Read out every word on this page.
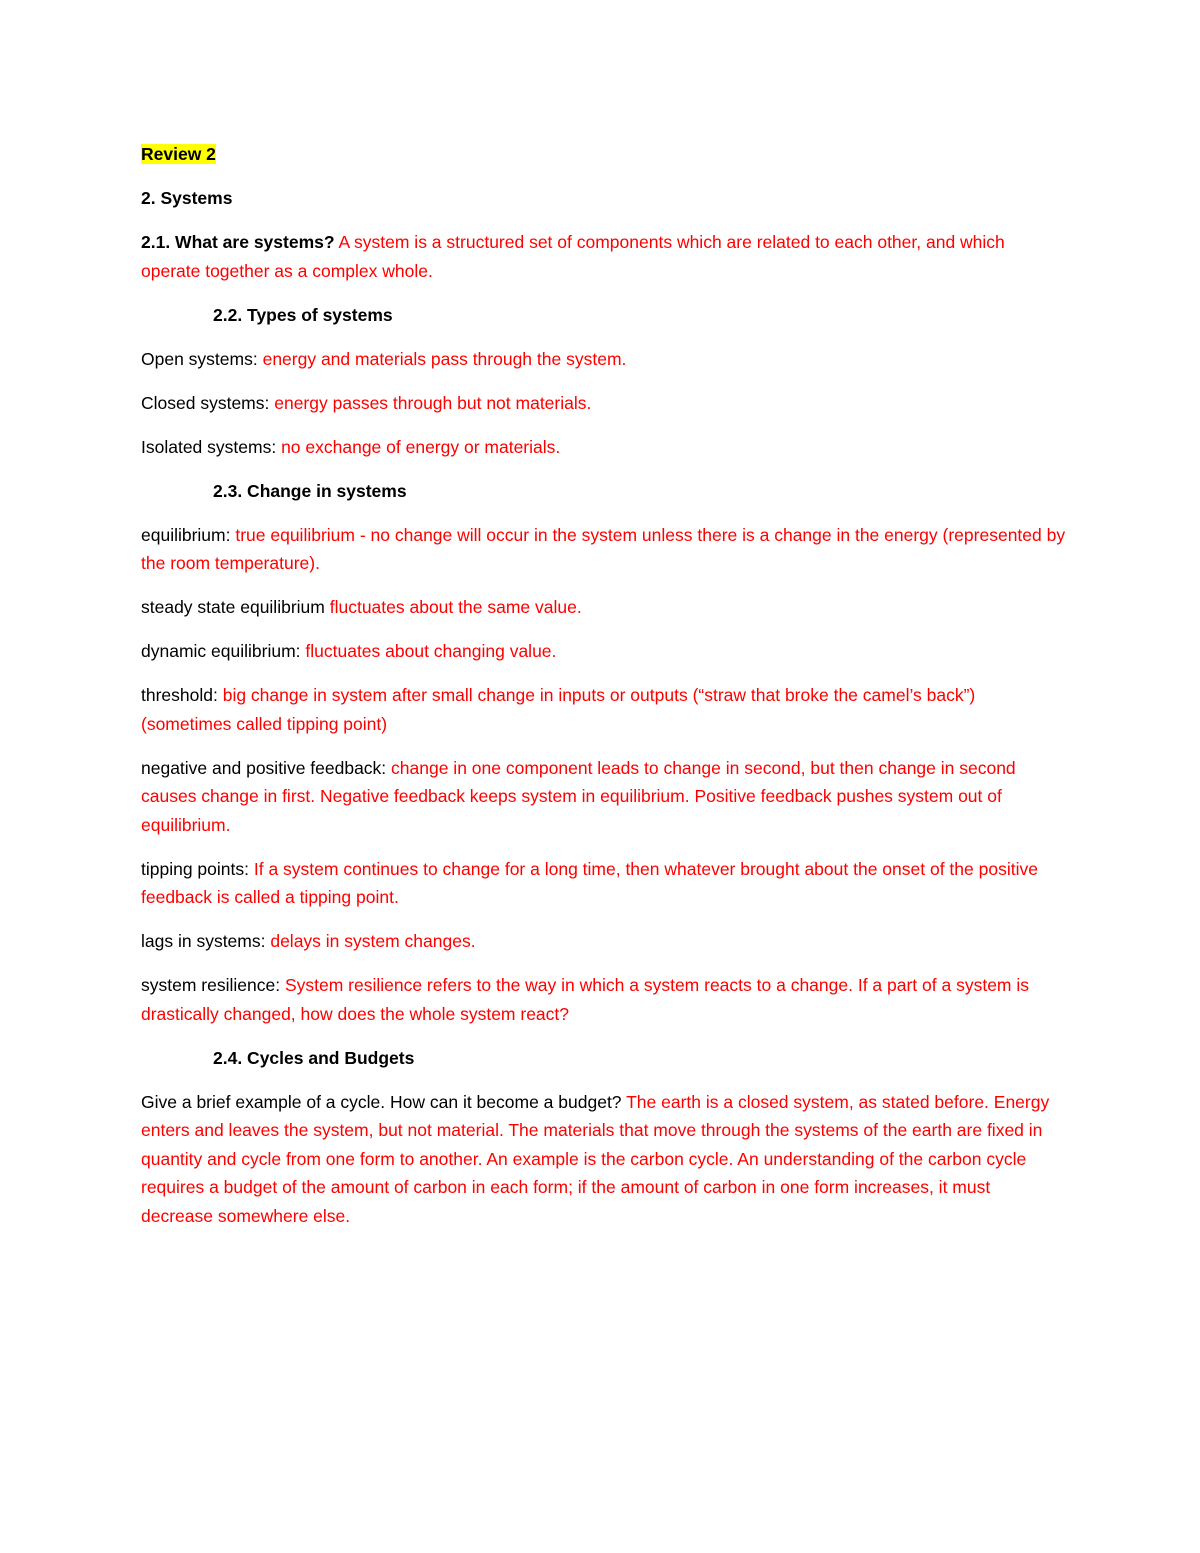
Review 2

2. Systems

2.1. What are systems? A system is a structured set of components which are related to each other, and which operate together as a complex whole.

2.2. Types of systems

Open systems: energy and materials pass through the system.

Closed systems: energy passes through but not materials.

Isolated systems: no exchange of energy or materials.

2.3. Change in systems

equilibrium: true equilibrium - no change will occur in the system unless there is a change in the energy (represented by the room temperature).

steady state equilibrium fluctuates about the same value.

dynamic equilibrium: fluctuates about changing value.

threshold: big change in system after small change in inputs or outputs (“straw that broke the camel’s back”) (sometimes called tipping point)

negative and positive feedback: change in one component leads to change in second, but then change in second causes change in first. Negative feedback keeps system in equilibrium. Positive feedback pushes system out of equilibrium.

tipping points: If a system continues to change for a long time, then whatever brought about the onset of the positive feedback is called a tipping point.

lags in systems: delays in system changes.

system resilience: System resilience refers to the way in which a system reacts to a change. If a part of a system is drastically changed, how does the whole system react?

2.4. Cycles and Budgets

Give a brief example of a cycle. How can it become a budget? The earth is a closed system, as stated before. Energy enters and leaves the system, but not material. The materials that move through the systems of the earth are fixed in quantity and cycle from one form to another. An example is the carbon cycle. An understanding of the carbon cycle requires a budget of the amount of carbon in each form; if the amount of carbon in one form increases, it must decrease somewhere else.
